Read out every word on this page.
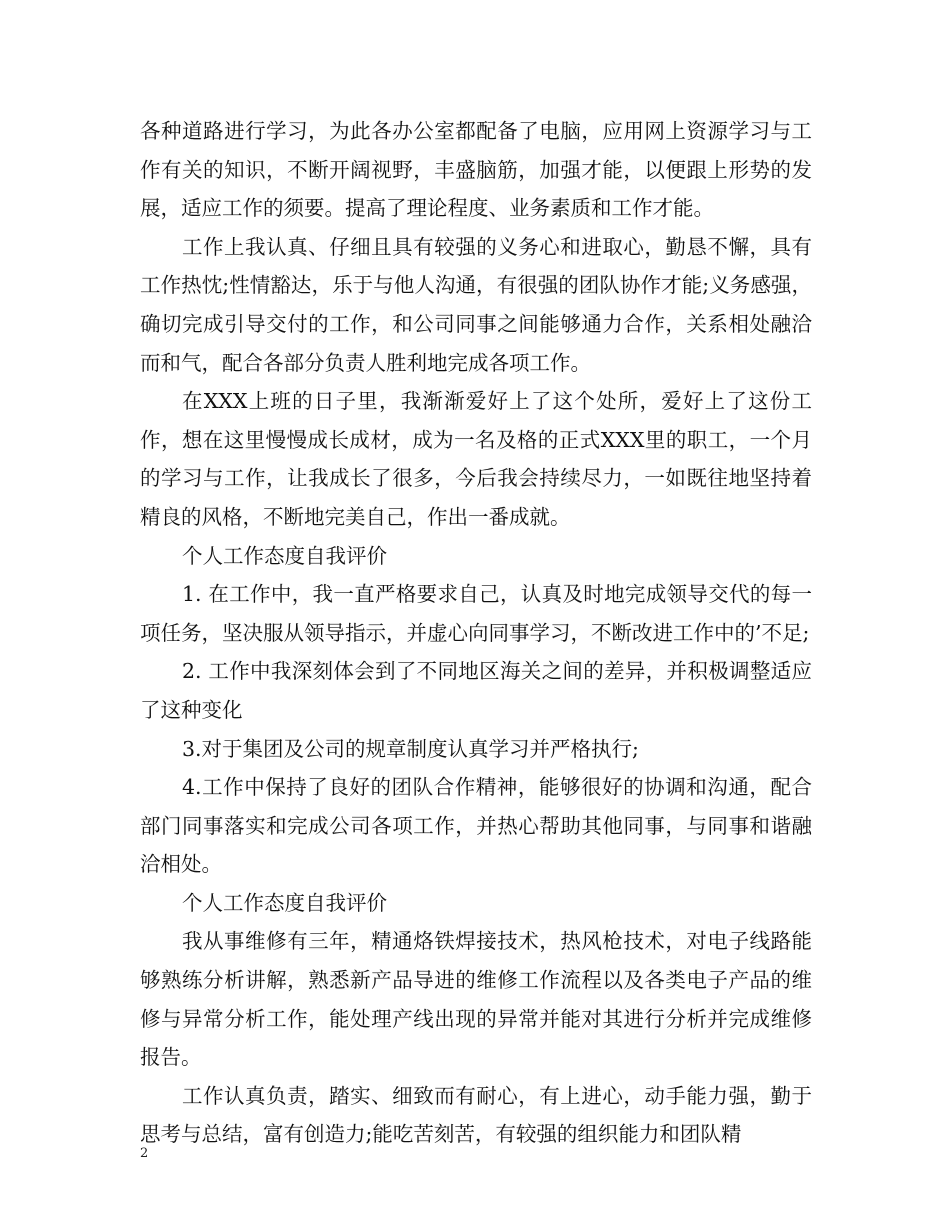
各种道路进行学习，为此各办公室都配备了电脑，应用网上资源学习与工作有关的知识，不断开阔视野，丰盛脑筋，加强才能，以便跟上形势的发展，适应工作的须要。提高了理论程度、业务素质和工作才能。

工作上我认真、仔细且具有较强的义务心和进取心，勤恳不懈，具有工作热忱;性情豁达，乐于与他人沟通，有很强的团队协作才能;义务感强，确切完成引导交付的工作，和公司同事之间能够通力合作，关系相处融洽而和气，配合各部分负责人胜利地完成各项工作。

在XXX上班的日子里，我渐渐爱好上了这个处所，爱好上了这份工作，想在这里慢慢成长成材，成为一名及格的正式XXX里的职工，一个月的学习与工作，让我成长了很多，今后我会持续尽力，一如既往地坚持着精良的风格，不断地完美自己，作出一番成就。

个人工作态度自我评价

1. 在工作中，我一直严格要求自己，认真及时地完成领导交代的每一项任务，坚决服从领导指示，并虚心向同事学习，不断改进工作中的’不足;

2. 工作中我深刻体会到了不同地区海关之间的差异，并积极调整适应了这种变化

3.对于集团及公司的规章制度认真学习并严格执行;

4.工作中保持了良好的团队合作精神，能够很好的协调和沟通，配合部门同事落实和完成公司各项工作，并热心帮助其他同事，与同事和谐融洽相处。

个人工作态度自我评价

我从事维修有三年，精通烙铁焊接技术，热风枪技术，对电子线路能够熟练分析讲解，熟悉新产品导进的维修工作流程以及各类电子产品的维修与异常分析工作，能处理产线出现的异常并能对其进行分析并完成维修报告。

工作认真负责，踏实、细致而有耐心，有上进心，动手能力强，勤于思考与总结，富有创造力;能吃苦刻苦，有较强的组织能力和团队精

2
